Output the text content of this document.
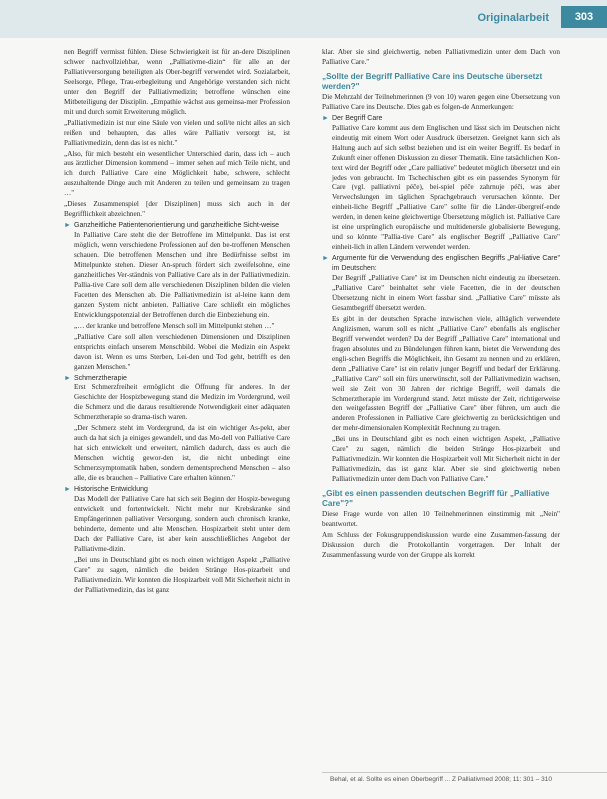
Originalarbeit	303

nen Begriff vermisst fühlen. Diese Schwierigkeit ist für an-dere Disziplinen schwer nachvollziehbar, wenn „Palliativme-dizin“ für alle an der Palliativversorgung beteiligten als Ober-begriff verwendet wird. Sozialarbeit, Seelsorge, Pflege, Trau-erbegleitung und Angehörige verstanden sich nicht unter den Begriff der Palliativmedizin; betroffene wünschen eine Mitbeteiligung der Disziplin. „Empathie wächst aus gemeinsa-mer Profession mit und durch somit Erweiterung möglich.

„Palliativmedizin ist nur eine Säule von vielen und soll/te nicht alles an sich reißen und behaupten, das alles wäre Palliativ versorgt ist, ist Palliativmedizin, denn das ist es nicht."

„Also, für mich besteht ein wesentlicher Unterschied darin, dass ich – auch aus ärztlicher Dimension kommend – immer sehen auf mich Teile nicht, und ich durch Palliative Care eine Möglichkeit habe, schwere, schlecht auszuhaltende Dinge auch mit Anderen zu teilen und gemeinsam zu tragen …"

„Dieses Zusammenspiel [der Disziplinen] muss sich auch in der Begrifflichkeit abzeichnen."

► Ganzheitliche Patientenorientierung und ganzheitliche Sicht-weise

In Palliative Care steht die der Betroffene im Mittelpunkt. Das ist erst möglich, wenn verschiedene Professionen auf den be-troffenen Menschen schauen. Die betroffenen Menschen und ihre Bedürfnisse selbst im Mittelpunkte stehen. Dieser An-spruch fördert sich zweifelsohne, eine ganzheitliches Ver-ständnis von Palliative Care als in der Palliativmedizin. Pallia-tive Care soll dem alle verschiedenen Disziplinen bilden die vielen Facetten des Menschen ab. Die Palliativmedizin ist al-leine kann dem ganzen System nicht anbieten. Palliative Care schließt ein mögliches Entwicklungspotenzial der Betroffenen durch die Einbeziehung ein.

„… der kranke und betroffene Mensch soll im Mittelpunkt stehen …"

„Palliative Care soll allen verschiedenen Dimensionen und Disziplinen entsprichts einfach unserem Menschbild. Wobei die Medizin ein Aspekt davon ist. Wenn es ums Sterben, Lei-den und Tod geht, betrifft es den ganzen Menschen."

► Schmerztherapie

Erst Schmerzfreiheit ermöglicht die Öffnung für anderes. In der Geschichte der Hospizbewegung stand die Medizin im Vordergrund, weil die Schmerz und die daraus resultierende Notwendigkeit einer adäquaten Schmerztherapie so drama-tisch waren.

„Der Schmerz steht im Vordergrund, da ist ein wichtiger As-pekt, aber auch da hat sich ja einiges gewandelt, und das Mo-dell von Palliative Care hat sich entwickelt und erweitert, nämlich dadurch, dass es auch die Menschen wichtig gewor-den ist, die nicht unbedingt eine Schmerzsymptomatik haben, sondern dementsprechend Menschen – also alle, die es brauchen – Palliative Care erhalten können."

► Historische Entwicklung

Das Modell der Palliative Care hat sich seit Beginn der Hospiz-bewegung entwickelt und fortentwickelt. Nicht mehr nur Krebskranke sind Empfängerinnen palliativer Versorgung, sondern auch chronisch kranke, behinderte, demente und alte Menschen. Hospizarbeit steht unter dem Dach der Palliative Care, ist aber kein ausschließliches Angebot der Palliativme-dizin.

„Bei uns in Deutschland gibt es noch einen wichtigen Aspekt „Palliative Care" zu sagen, nämlich die beiden Stränge Hos-pizarbeit und Palliativmedizin. Wir konnten die Hospizarbeit voll Mit Sicherheit nicht in der Palliativmedizin, das ist ganz

klar. Aber sie sind gleichwertig, neben Palliativmedizin unter dem Dach von Palliative Care."

„Sollte der Begriff Palliative Care ins Deutsche übersetzt werden?"

Die Mehrzahl der Teilnehmerinnen (9 von 10) waren gegen eine Übersetzung von Palliative Care ins Deutsche. Dies gab es folgen-de Anmerkungen:

► Der Begriff Care

Palliative Care kommt aus dem Englischen und lässt sich im Deutschen nicht eindeutig mit einem Wort oder Ausdruck übersetzen. Geeignet kann sich als Haltung auch auf sich selbst beziehen und ist ein weiter Begriff. Es bedarf in Zukunft einer offenen Diskussion zu dieser Thematik. Eine tatsächlichen Kon-text wird der Begriff oder „Care palliative" bedeutet möglich übersetzt und ein jedes von gebraucht. Im Tschechischen gibt es ein passendes Synonym für Care (vgl. palliativní péče), bei-spiel péče zahrnuje péči, was aber Verwechslungen im täglichen Sprachgebrauch verursachen könnte. Der einheit-liche Begriff „Palliative Care" sollte für die Länder-übergreif-ende werden, in denen keine gleichwertige Übersetzung möglich ist. Palliative Care ist eine ursprünglich europäische und multidenersle globalisierte Bewegung, und so könnte "Pallia-tive Care" als englischer Begriff „Palliative Care" einheit-lich in allen Ländern verwendet werden.

► Argumente für die Verwendung des englischen Begriffs „Pal-liative Care" im Deutschen:

Der Begriff „Palliative Care" ist im Deutschen nicht eindeutig zu übersetzen. „Palliative Care" beinhaltet sehr viele Facetten, die in der deutschen Übersetzung nicht in einem Wort fassbar sind. „Palliative Care" müsste als Gesamtbegriff übersetzt werden.

Es gibt in der deutschen Sprache inzwischen viele, alltäglich verwendete Anglizismen, warum soll es nicht „Palliative Care" ebenfalls als englischer Begriff verwendet werden? Da der Begriff „Palliative Care" international und fragen absolutes und zu Bündelungen führen kann, bietet die Verwendung des engli-schen Begriffs die Möglichkeit, ihn Gesamt zu nennen und zu erklären, denn „Palliative Care" ist ein relativ junger Begriff und bedarf der Erklärung. „Palliative Care" soll ein fürs unerwünscht, soll der Palliativmedizin wachsen, weil sie Zeit von 30 Jahren der richtige Begriff, weil damals die Schmerztherapie im Vordergrund stand. Jetzt müsste der Zeit, richtigerweise den weitgefassten Begriff der „Palliative Care" über führen, um auch die anderen Professionen in Palliative Care gleichwertig zu berücksichtigen und der mehr-dimensionalen Komplexität Rechnung zu tragen.

„Bei uns in Deutschland gibt es noch einen wichtigen Aspekt, „Palliative Care" zu sagen, nämlich die beiden Stränge Hos-pizarbeit und Palliativmedizin. Wir konnten die Hospizarbeit voll Mit Sicherheit nicht in der Palliativmedizin, das ist ganz klar. Aber sie sind gleichwertig neben Palliativmedizin unter dem Dach von Palliative Care."

„Gibt es einen passenden deutschen Begriff für „Palliative Care"?"

Diese Frage wurde von allen 10 Teilnehmerinnen einstimmig mit „Nein" beantwortet.

Am Schluss der Fokusgruppendiskussion wurde eine Zusammen-fassung der Diskussion durch die Protokollantin vorgetragen. Der Inhalt der Zusammenfassung wurde von der Gruppe als korrekt

Behal, et al. Sollte es einen Oberbegriff ... Z Palliativmed 2008; 11: 301 – 310
